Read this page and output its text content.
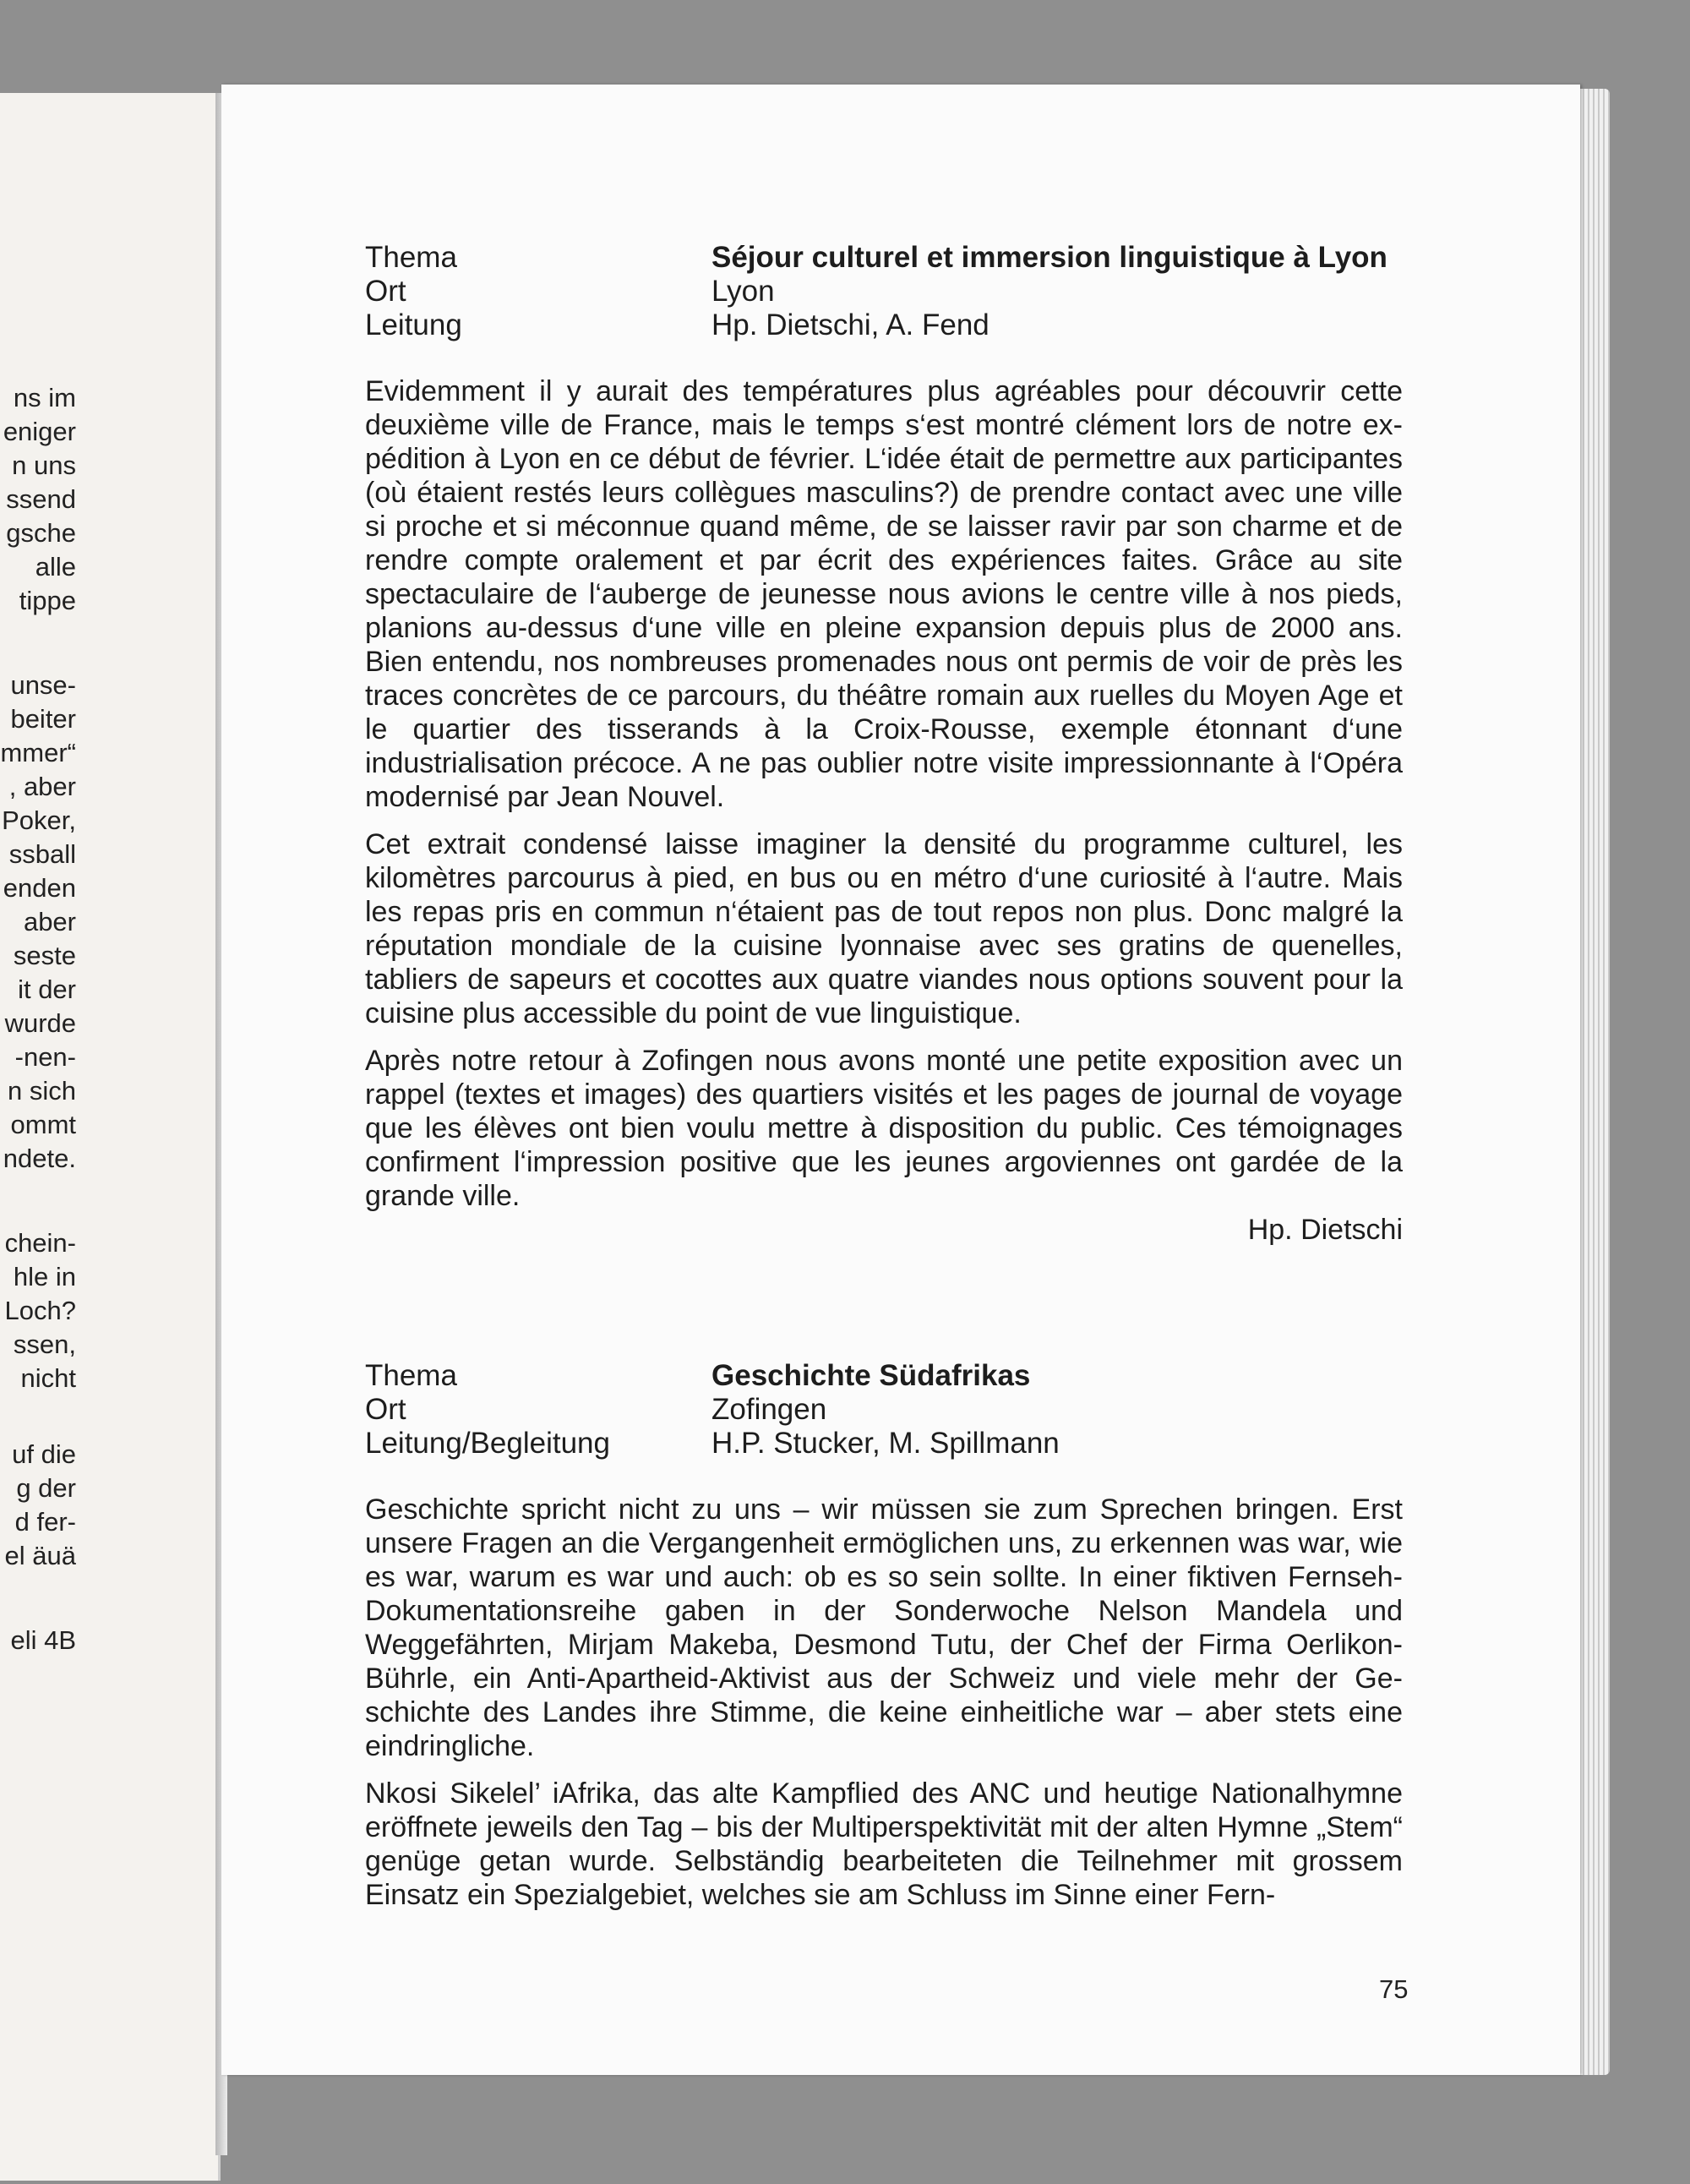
ns im
eniger
n uns
ssend
gsche
alle
tippe
unse-
beiter
mmer“
, aber
Poker,
ssball
enden
aber
seste
it der
wurde
-nen-
n sich
ommt
ndete.
chein-
hle in
Loch?
ssen,
nicht
uf die
g der
d fer-
el äuä
eli 4B
Thema	Séjour culturel et immersion linguistique à Lyon
Ort	Lyon
Leitung	Hp. Dietschi, A. Fend

Evidemment il y aurait des températures plus agréables pour découvrir cette deuxième ville de France, mais le temps s‘est montré clément lors de notre expédition à Lyon en ce début de février. L‘idée était de permettre aux participantes (où étaient restés leurs collègues masculins?) de prendre contact avec une ville si proche et si méconnue quand même, de se laisser ravir par son charme et de rendre compte oralement et par écrit des expériences faites. Grâce au site spectaculaire de l‘auberge de jeunesse nous avions le centre ville à nos pieds, planions au-dessus d‘une ville en pleine expansion depuis plus de 2000 ans. Bien entendu, nos nombreuses promenades nous ont permis de voir de près les traces concrètes de ce parcours, du théâtre romain aux ruelles du Moyen Age et le quartier des tisserands à la Croix-Rousse, exemple étonnant d‘une industrialisation précoce. A ne pas oublier notre visite impressionnante à l‘Opéra modernisé par Jean Nouvel.

Cet extrait condensé laisse imaginer la densité du programme culturel, les kilomètres parcourus à pied, en bus ou en métro d‘une curiosité à l‘autre. Mais les repas pris en commun n‘étaient pas de tout repos non plus. Donc malgré la réputation mondiale de la cuisine lyonnaise avec ses gratins de quenelles, tabliers de sapeurs et cocottes aux quatre viandes nous options souvent pour la cuisine plus accessible du point de vue linguistique.

Après notre retour à Zofingen nous avons monté une petite exposition avec un rappel (textes et images) des quartiers visités et les pages de journal de voyage que les élèves ont bien voulu mettre à disposition du public. Ces témoignages confirment l‘impression positive que les jeunes argoviennes ont gardée de la grande ville.

Hp. Dietschi
Thema	Geschichte Südafrikas
Ort	Zofingen
Leitung/Begleitung	H.P. Stucker, M. Spillmann

Geschichte spricht nicht zu uns – wir müssen sie zum Sprechen bringen. Erst unsere Fragen an die Vergangenheit ermöglichen uns, zu erkennen was war, wie es war, warum es war und auch: ob es so sein sollte. In einer fiktiven Fernseh-Dokumentationsreihe gaben in der Sonderwoche Nelson Mandela und Weggefährten, Mirjam Makeba, Desmond Tutu, der Chef der Firma Oerlikon-Bührle, ein Anti-Apartheid-Aktivist aus der Schweiz und viele mehr der Geschichte des Landes ihre Stimme, die keine einheitliche war – aber stets eine eindringliche.

Nkosi Sikelel’ iAfrika, das alte Kampflied des ANC und heutige Nationalhymne eröffnete jeweils den Tag – bis der Multiperspektivität mit der alten Hymne „Stem“ genüge getan wurde. Selbständig bearbeiteten die Teilnehmer mit grossem Einsatz ein Spezialgebiet, welches sie am Schluss im Sinne einer Fern-

75
